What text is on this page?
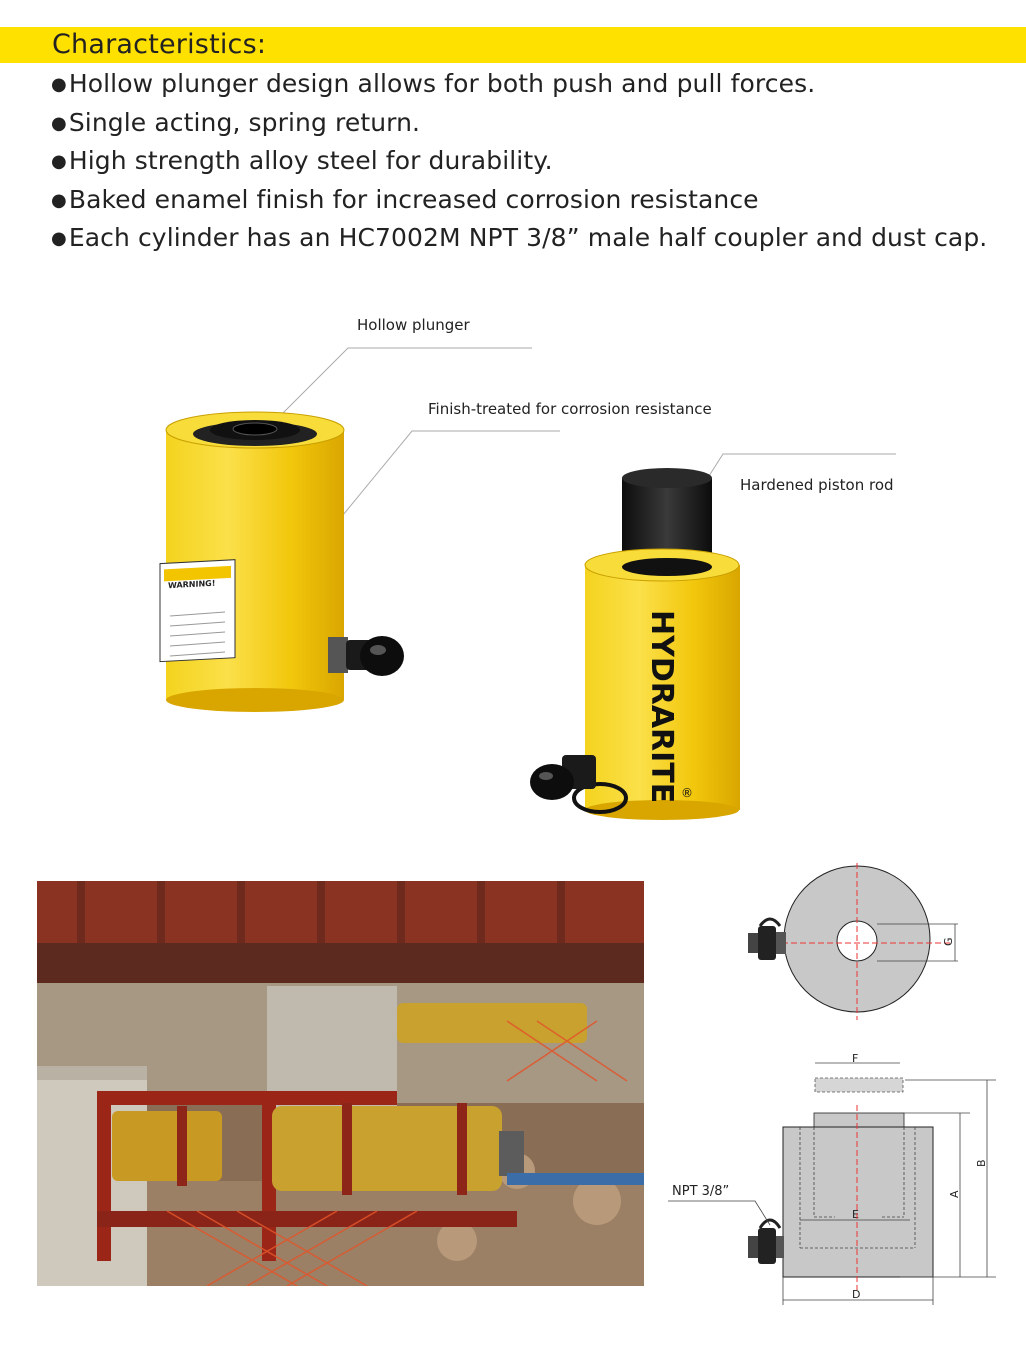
Characteristics:
●Hollow plunger design allows for both push and pull forces.
●Single acting, spring return.
●High strength alloy steel for durability.
●Baked enamel finish for increased corrosion resistance
●Each cylinder has an HC7002M NPT 3/8” male half coupler and dust cap.
Hollow plunger
Finish-treated for corrosion resistance
Hardened piston rod
WARNING!
HYDRARITE ®
G
F
E
A
B
D
NPT 3/8”
